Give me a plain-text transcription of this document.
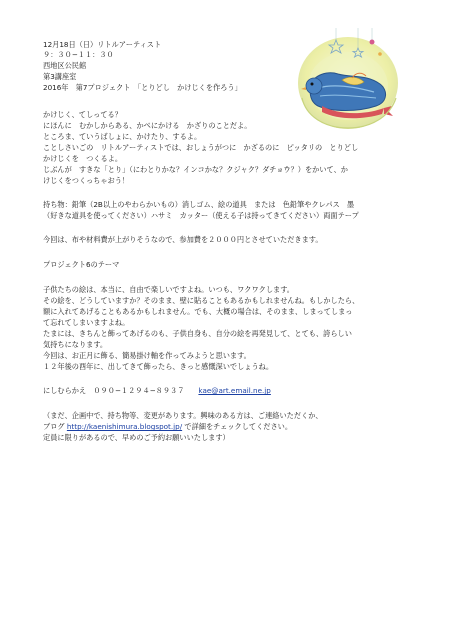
12月18日（日）リトルアーティスト
９：３０−１１：３０
西地区公民館
第3講座室
2016年　第7プロジェクト　「とりどし　かけじくを作ろう」
かけじく、てしってる？
にほんに　むかしからある、かべにかける　かざりのことだよ。
ところま、ていうばしょに、かけたり、するよ。
ことしさいごの　リトルアーティストでは、おしょうがつに　かざるのに　ピッタリの　とりどし
かけじくを　つくるよ。
じぶんが　すきな「とり」（にわとりかな？インコかな？クジャク？ダチョウ？）をかいて、か
けじくをつくっちゃおう！
持ち物：鉛筆（2B以上のやわらかいもの）消しゴム、絵の道具　または　色鉛筆やクレパス　墨
（好きな道具を使ってください）ハサミ　カッター（使える子は持ってきてください）両面テープ
今回は、布や材料費が上がりそうなので、参加費を２０００円とさせていただきます。
プロジェクト6のテーマ
子供たちの絵は、本当に、自由で楽しいですよね。いつも、ワクワクします。
その絵を、どうしていますか？そのまま、壁に貼ることもあるかもしれませんね。もしかしたら、
額に入れてあげることもあるかもしれません。でも、大概の場合は、そのまま、しまってしまっ
て忘れてしまいますよね。
たまには、きちんと飾ってあげるのも、子供自身も、自分の絵を再発見して、とても、誇らしい
気持ちになります。
今回は、お正月に飾る、簡易掛け軸を作ってみようと思います。
１２年後の酉年に、出してきて飾ったら、きっと感慨深いでしょうね。
にしむらかえ　０９０−１２９４−８９３７ kae@art.email.ne.jp
（まだ、企画中で、持ち物等、変更があります。興味のある方は、ご連絡いただくか、
ブログ http://kaenishimura.blogspot.jp/ で詳細をチェックしてください。
定員に限りがあるので、早めのご予約お願いいたします）
